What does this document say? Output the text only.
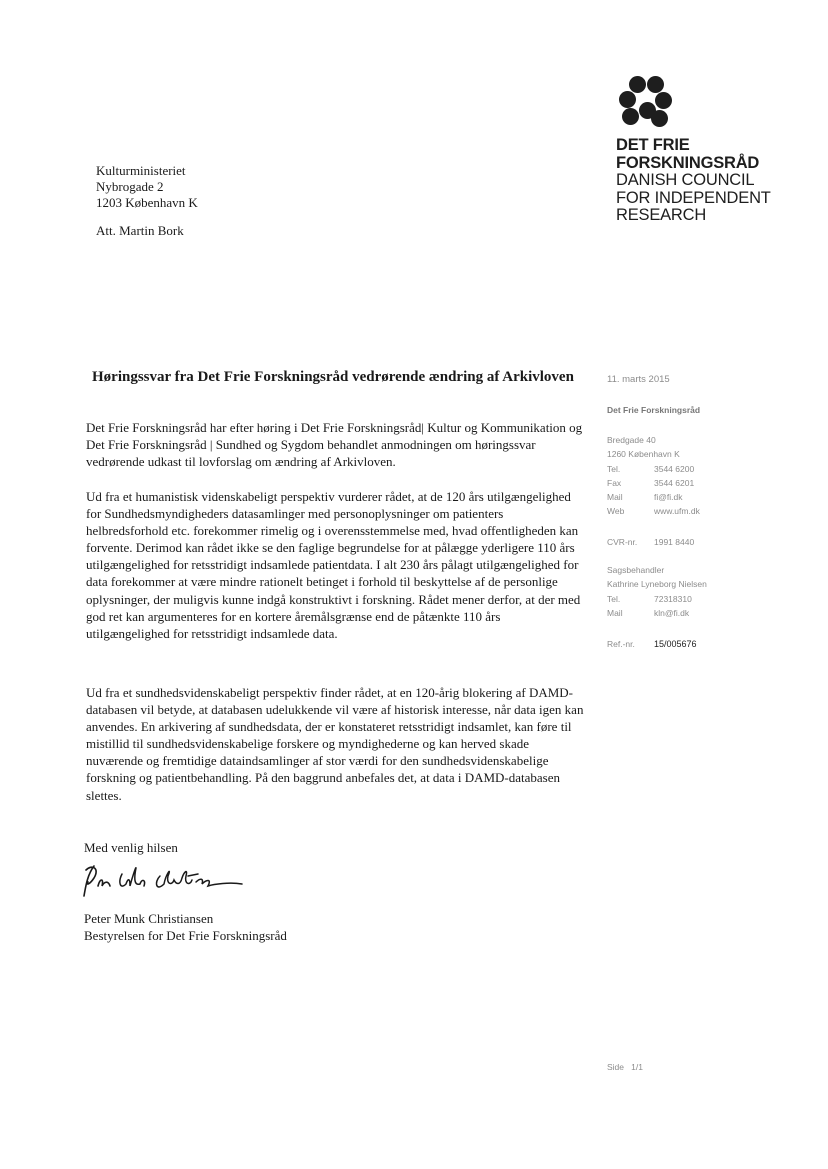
DET FRIE
FORSKNINGSRÅD
DANISH COUNCIL
FOR INDEPENDENT
RESEARCH
Kulturministeriet
Nybrogade 2
1203 København K
Att. Martin Bork
Høringssvar fra Det Frie Forskningsråd vedrørende ændring af Arkivloven
Det Frie Forskningsråd har efter høring i Det Frie Forskningsråd| Kultur og Kommunikation og Det Frie Forskningsråd | Sundhed og Sygdom behandlet anmodningen om høringssvar vedrørende udkast til lovforslag om ændring af Arkivloven.
Ud fra et humanistisk videnskabeligt perspektiv vurderer rådet, at de 120 års utilgængelighed for Sundhedsmyndigheders datasamlinger med personoplysninger om patienters helbredsforhold etc. forekommer rimelig og i overensstemmelse med, hvad offentligheden kan forvente. Derimod kan rådet ikke se den faglige begrundelse for at pålægge yderligere 110 års utilgængelighed for retsstridigt indsamlede patientdata. I alt 230 års pålagt utilgængelighed for data forekommer at være mindre rationelt betinget i forhold til beskyttelse af de personlige oplysninger, der muligvis kunne indgå konstruktivt i forskning. Rådet mener derfor, at der med god ret kan argumenteres for en kortere åremålsgrænse end de påtænkte 110 års utilgængelighed for retsstridigt indsamlede data.
Ud fra et sundhedsvidenskabeligt perspektiv finder rådet, at en 120-årig blokering af DAMD-databasen vil betyde, at databasen udelukkende vil være af historisk interesse, når data igen kan anvendes. En arkivering af sundhedsdata, der er konstateret retsstridigt indsamlet, kan føre til mistillid til sundhedsvidenskabelige forskere og myndighederne og kan herved skade nuværende og fremtidige dataindsamlinger af stor værdi for den sundhedsvidenskabelige forskning og patientbehandling. På den baggrund anbefales det, at data i DAMD-databasen slettes.
Med venlig hilsen
Peter Munk Christiansen
Bestyrelsen for Det Frie Forskningsråd
11. marts 2015
Det Frie Forskningsråd
Bredgade 40
1260 København K
Tel.	3544 6200
Fax	3544 6201
Mail	fi@fi.dk
Web	www.ufm.dk
CVR-nr.	1991 8440
Sagsbehandler
Kathrine Lyneborg Nielsen
Tel.	72318310
Mail	kln@fi.dk
Ref.-nr.	15/005676
Side 1/1
